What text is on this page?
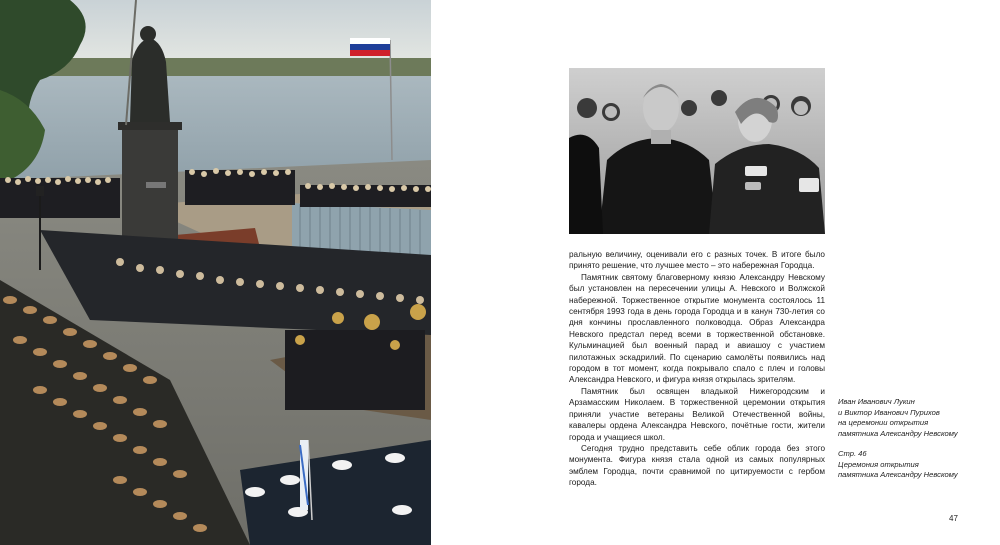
ральную величину, оценивали его с разных точек. В итоге было принято решение, что лучшее место – это набережная Городца.

Памятник святому благоверному князю Александру Невскому был установлен на пересечении улицы А. Невского и Волжской набережной. Торжественное открытие монумента состоялось 11 сентября 1993 года в день города Городца и в канун 730-летия со дня кончины прославленного полководца. Образ Александра Невского предстал перед всеми в торжественной обстановке. Кульминацией был военный парад и авиашоу с участием пилотажных эскадрилий. По сценарию самолёты появились над городом в тот момент, когда покрывало спало с плеч и головы Александра Невского, и фигура князя открылась зрителям.

Памятник был освящен владыкой Нижегородским и Арзамасским Николаем. В торжественной церемонии открытия приняли участие ветераны Великой Отечественной войны, кавалеры ордена Александра Невского, почётные гости, жители города и учащиеся школ.

Сегодня трудно представить себе облик города без этого монумента. Фигура князя стала одной из самых популярных эмблем Городца, почти сравнимой по цитируемости с гербом города.

Иван Иванович Лукин
и Виктор Иванович Пурихов
на церемонии открытия
памятника Александру Невскому
Стр. 46
Церемония открытия
памятника Александру Невскому
47
